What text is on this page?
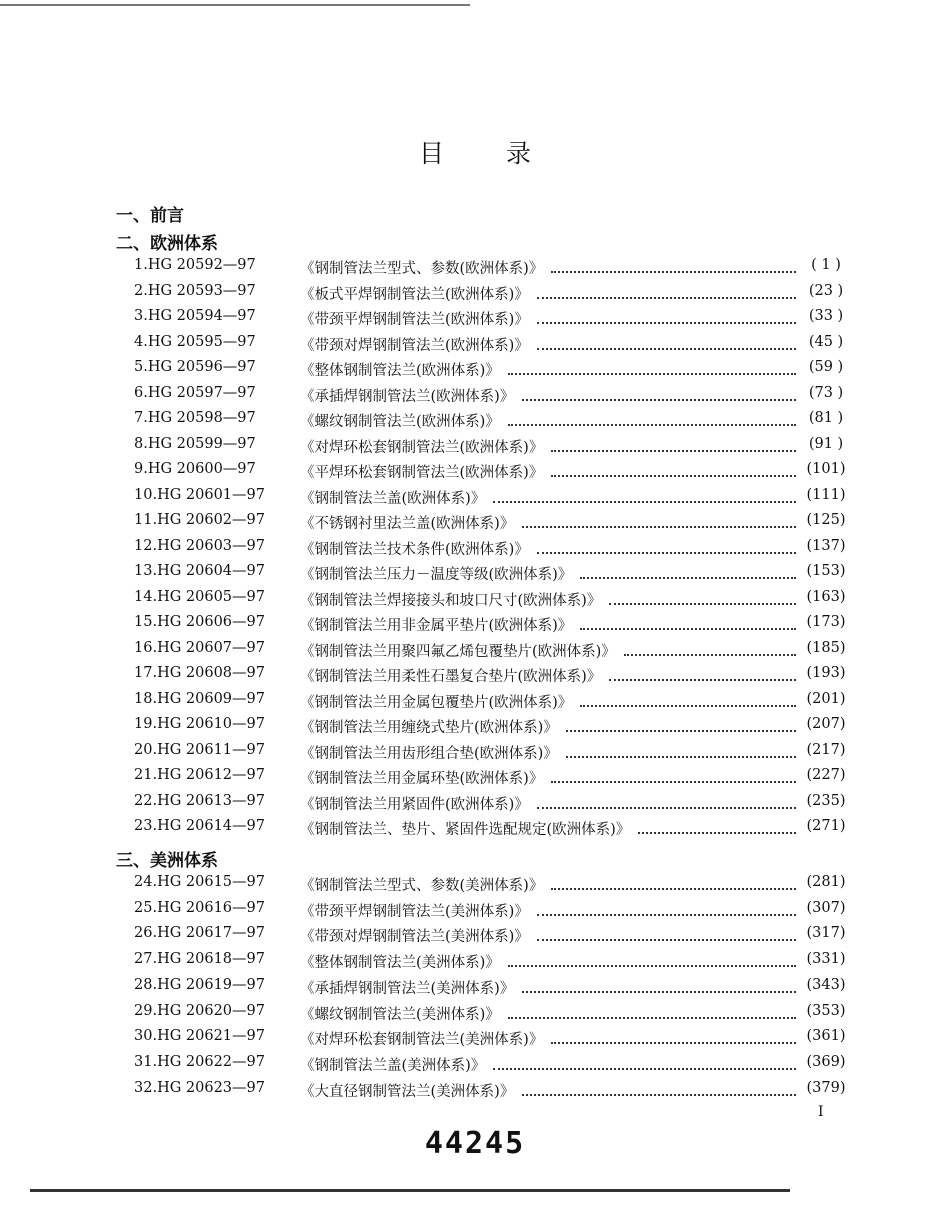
目录
一、前言
二、欧洲体系
三、美洲体系
1.HG 20592—97	《钢制管法兰型式、参数(欧洲体系)》	( 1 )
2.HG 20593—97	《板式平焊钢制管法兰(欧洲体系)》	(23 )
3.HG 20594—97	《带颈平焊钢制管法兰(欧洲体系)》	(33 )
4.HG 20595—97	《带颈对焊钢制管法兰(欧洲体系)》	(45 )
5.HG 20596—97	《整体钢制管法兰(欧洲体系)》	(59 )
6.HG 20597—97	《承插焊钢制管法兰(欧洲体系)》	(73 )
7.HG 20598—97	《螺纹钢制管法兰(欧洲体系)》	(81 )
8.HG 20599—97	《对焊环松套钢制管法兰(欧洲体系)》	(91 )
9.HG 20600—97	《平焊环松套钢制管法兰(欧洲体系)》	(101)
10.HG 20601—97 《钢制管法兰盖(欧洲体系)》	(111)
11.HG 20602—97 《不锈钢衬里法兰盖(欧洲体系)》	(125)
12.HG 20603—97 《钢制管法兰技术条件(欧洲体系)》	(137)
13.HG 20604—97 《钢制管法兰压力－温度等级(欧洲体系)》	(153)
14.HG 20605—97 《钢制管法兰焊接接头和坡口尺寸(欧洲体系)》	(163)
15.HG 20606—97 《钢制管法兰用非金属平垫片(欧洲体系)》	(173)
16.HG 20607—97 《钢制管法兰用聚四氟乙烯包覆垫片(欧洲体系)》	(185)
17.HG 20608—97 《钢制管法兰用柔性石墨复合垫片(欧洲体系)》	(193)
18.HG 20609—97 《钢制管法兰用金属包覆垫片(欧洲体系)》	(201)
19.HG 20610—97 《钢制管法兰用缠绕式垫片(欧洲体系)》	(207)
20.HG 20611—97 《钢制管法兰用齿形组合垫(欧洲体系)》	(217)
21.HG 20612—97 《钢制管法兰用金属环垫(欧洲体系)》	(227)
22.HG 20613—97 《钢制管法兰用紧固件(欧洲体系)》	(235)
23.HG 20614—97 《钢制管法兰、垫片、紧固件选配规定(欧洲体系)》	(271)
24.HG 20615—97 《钢制管法兰型式、参数(美洲体系)》	(281)
25.HG 20616—97 《带颈平焊钢制管法兰(美洲体系)》	(307)
26.HG 20617—97 《带颈对焊钢制管法兰(美洲体系)》	(317)
27.HG 20618—97 《整体钢制管法兰(美洲体系)》	(331)
28.HG 20619—97 《承插焊钢制管法兰(美洲体系)》	(343)
29.HG 20620—97 《螺纹钢制管法兰(美洲体系)》	(353)
30.HG 20621—97 《对焊环松套钢制管法兰(美洲体系)》	(361)
31.HG 20622—97 《钢制管法兰盖(美洲体系)》	(369)
32.HG 20623—97 《大直径钢制管法兰(美洲体系)》	(379)
I
44245
